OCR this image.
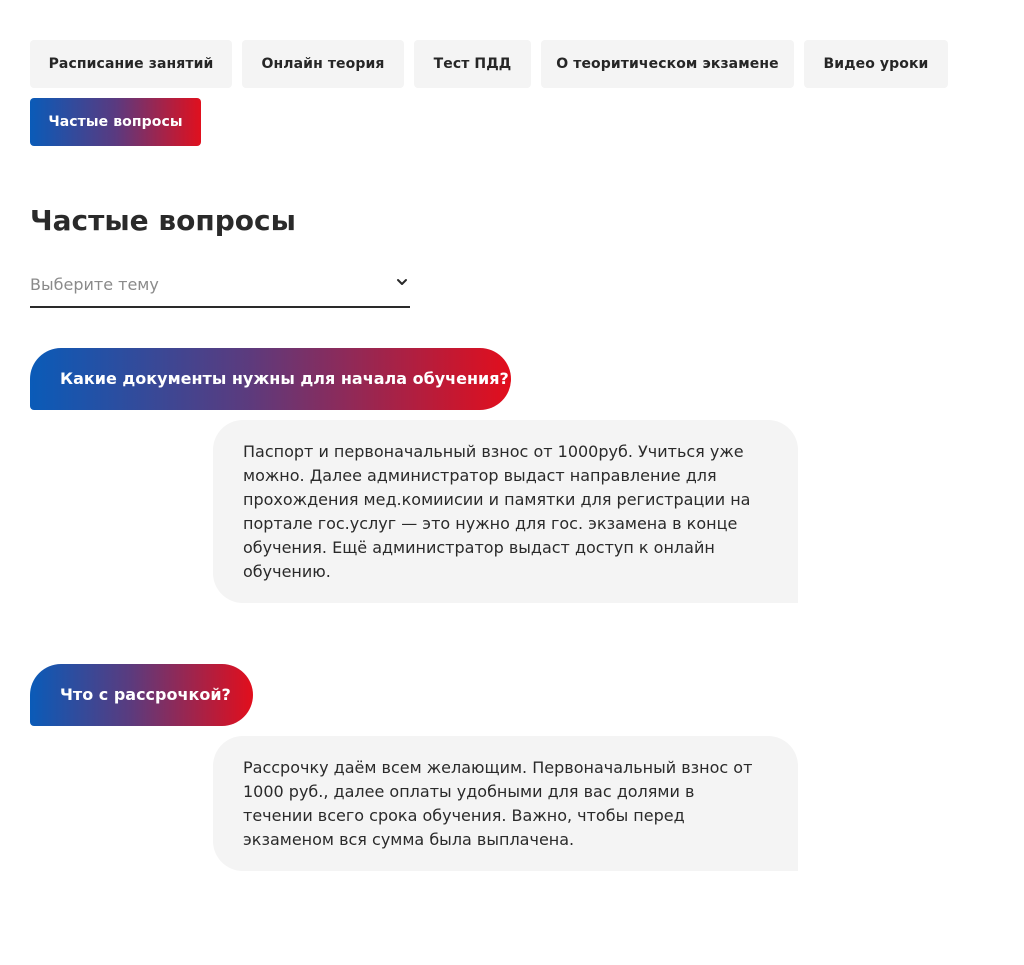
Расписание занятий	Онлайн теория	Тест ПДД	О теоритическом экзамене	Видео уроки
Частые вопросы
Частые вопросы
Выберите тему
Какие документы нужны для начала обучения?
Паспорт и первоначальный взнос от 1000руб. Учиться уже можно. Далее администратор выдаст направление для прохождения мед.комиисии и памятки для регистрации на портале гос.услуг — это нужно для гос. экзамена в конце обучения. Ещё администратор выдаст доступ к онлайн обучению.
Что с рассрочкой?
Рассрочку даём всем желающим. Первоначальный взнос от 1000 руб., далее оплаты удобными для вас долями в течении всего срока обучения. Важно, чтобы перед экзаменом вся сумма была выплачена.
